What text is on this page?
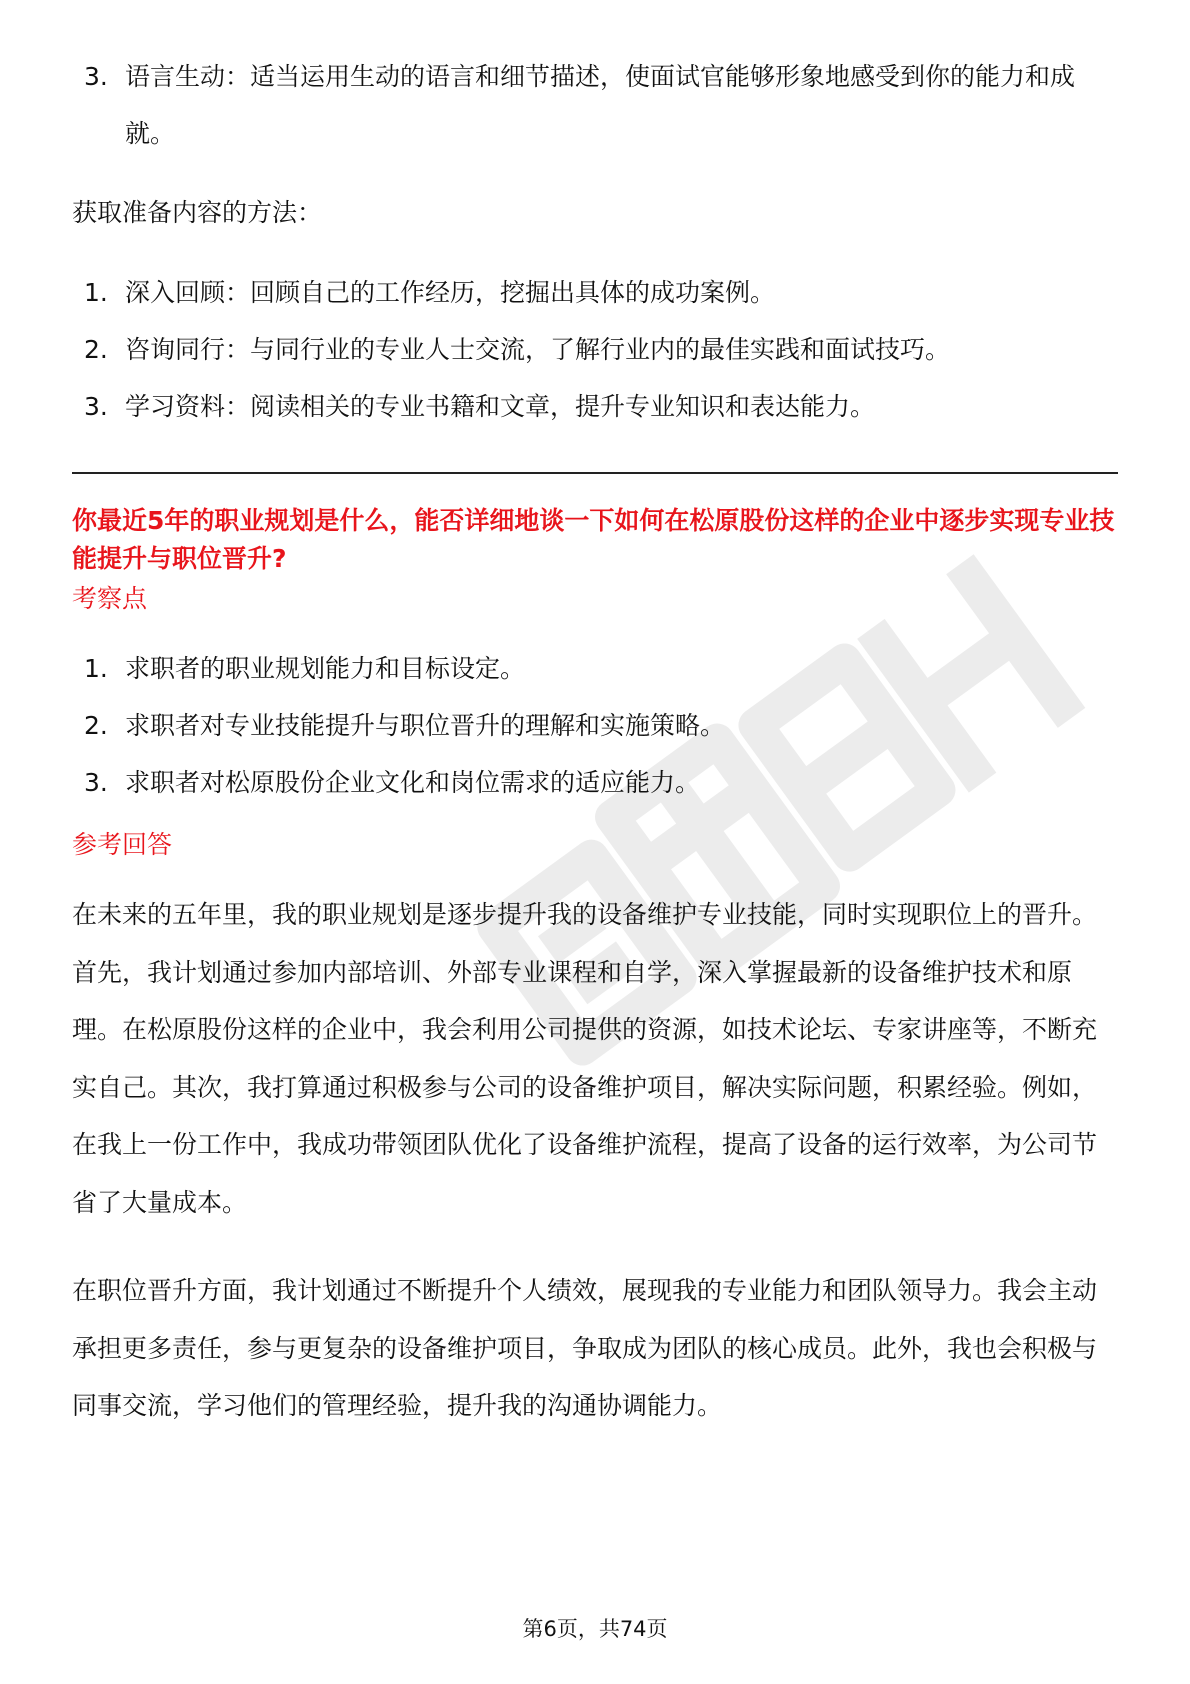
3. 语言生动：适当运用生动的语言和细节描述，使面试官能够形象地感受到你的能力和成就。

获取准备内容的方法：

1. 深入回顾：回顾自己的工作经历，挖掘出具体的成功案例。
2. 咨询同行：与同行业的专业人士交流，了解行业内的最佳实践和面试技巧。
3. 学习资料：阅读相关的专业书籍和文章，提升专业知识和表达能力。

你最近5年的职业规划是什么，能否详细地谈一下如何在松原股份这样的企业中逐步实现专业技能提升与职位晋升?

考察点

1. 求职者的职业规划能力和目标设定。
2. 求职者对专业技能提升与职位晋升的理解和实施策略。
3. 求职者对松原股份企业文化和岗位需求的适应能力。

参考回答

在未来的五年里，我的职业规划是逐步提升我的设备维护专业技能，同时实现职位上的晋升。首先，我计划通过参加内部培训、外部专业课程和自学，深入掌握最新的设备维护技术和原理。在松原股份这样的企业中，我会利用公司提供的资源，如技术论坛、专家讲座等，不断充实自己。其次，我打算通过积极参与公司的设备维护项目，解决实际问题，积累经验。例如，在我上一份工作中，我成功带领团队优化了设备维护流程，提高了设备的运行效率，为公司节省了大量成本。

在职位晋升方面，我计划通过不断提升个人绩效，展现我的专业能力和团队领导力。我会主动承担更多责任，参与更复杂的设备维护项目，争取成为团队的核心成员。此外，我也会积极与同事交流，学习他们的管理经验，提升我的沟通协调能力。

第6页，共74页
